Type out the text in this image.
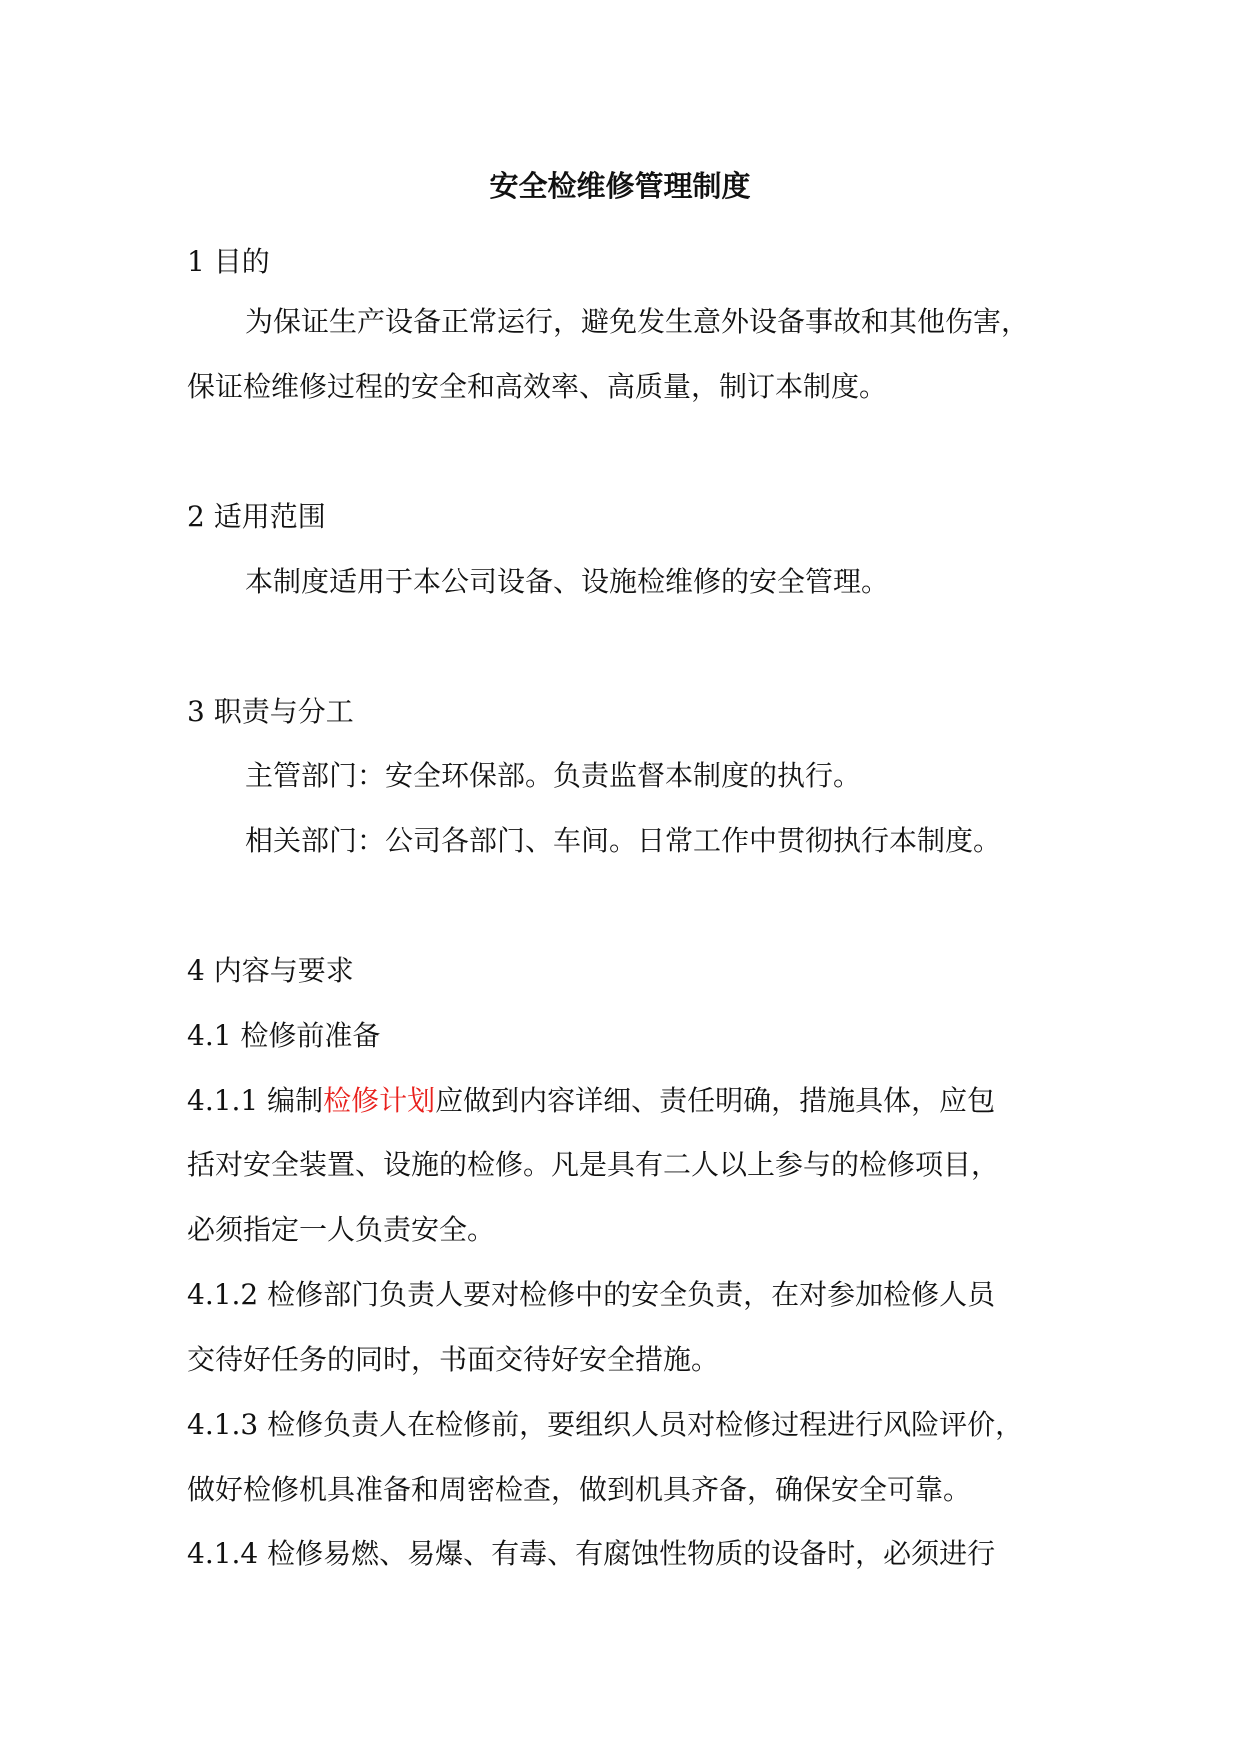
安全检维修管理制度
1 目的
为保证生产设备正常运行，避免发生意外设备事故和其他伤害，
保证检维修过程的安全和高效率、高质量，制订本制度。
2 适用范围
本制度适用于本公司设备、设施检维修的安全管理。
3 职责与分工
主管部门：安全环保部。负责监督本制度的执行。
相关部门：公司各部门、车间。日常工作中贯彻执行本制度。
4 内容与要求
4.1 检修前准备
4.1.1 编制检修计划应做到内容详细、责任明确，措施具体，应包
括对安全装置、设施的检修。凡是具有二人以上参与的检修项目，
必须指定一人负责安全。
4.1.2 检修部门负责人要对检修中的安全负责，在对参加检修人员
交待好任务的同时，书面交待好安全措施。
4.1.3 检修负责人在检修前，要组织人员对检修过程进行风险评价，
做好检修机具准备和周密检查，做到机具齐备，确保安全可靠。
4.1.4 检修易燃、易爆、有毒、有腐蚀性物质的设备时，必须进行
